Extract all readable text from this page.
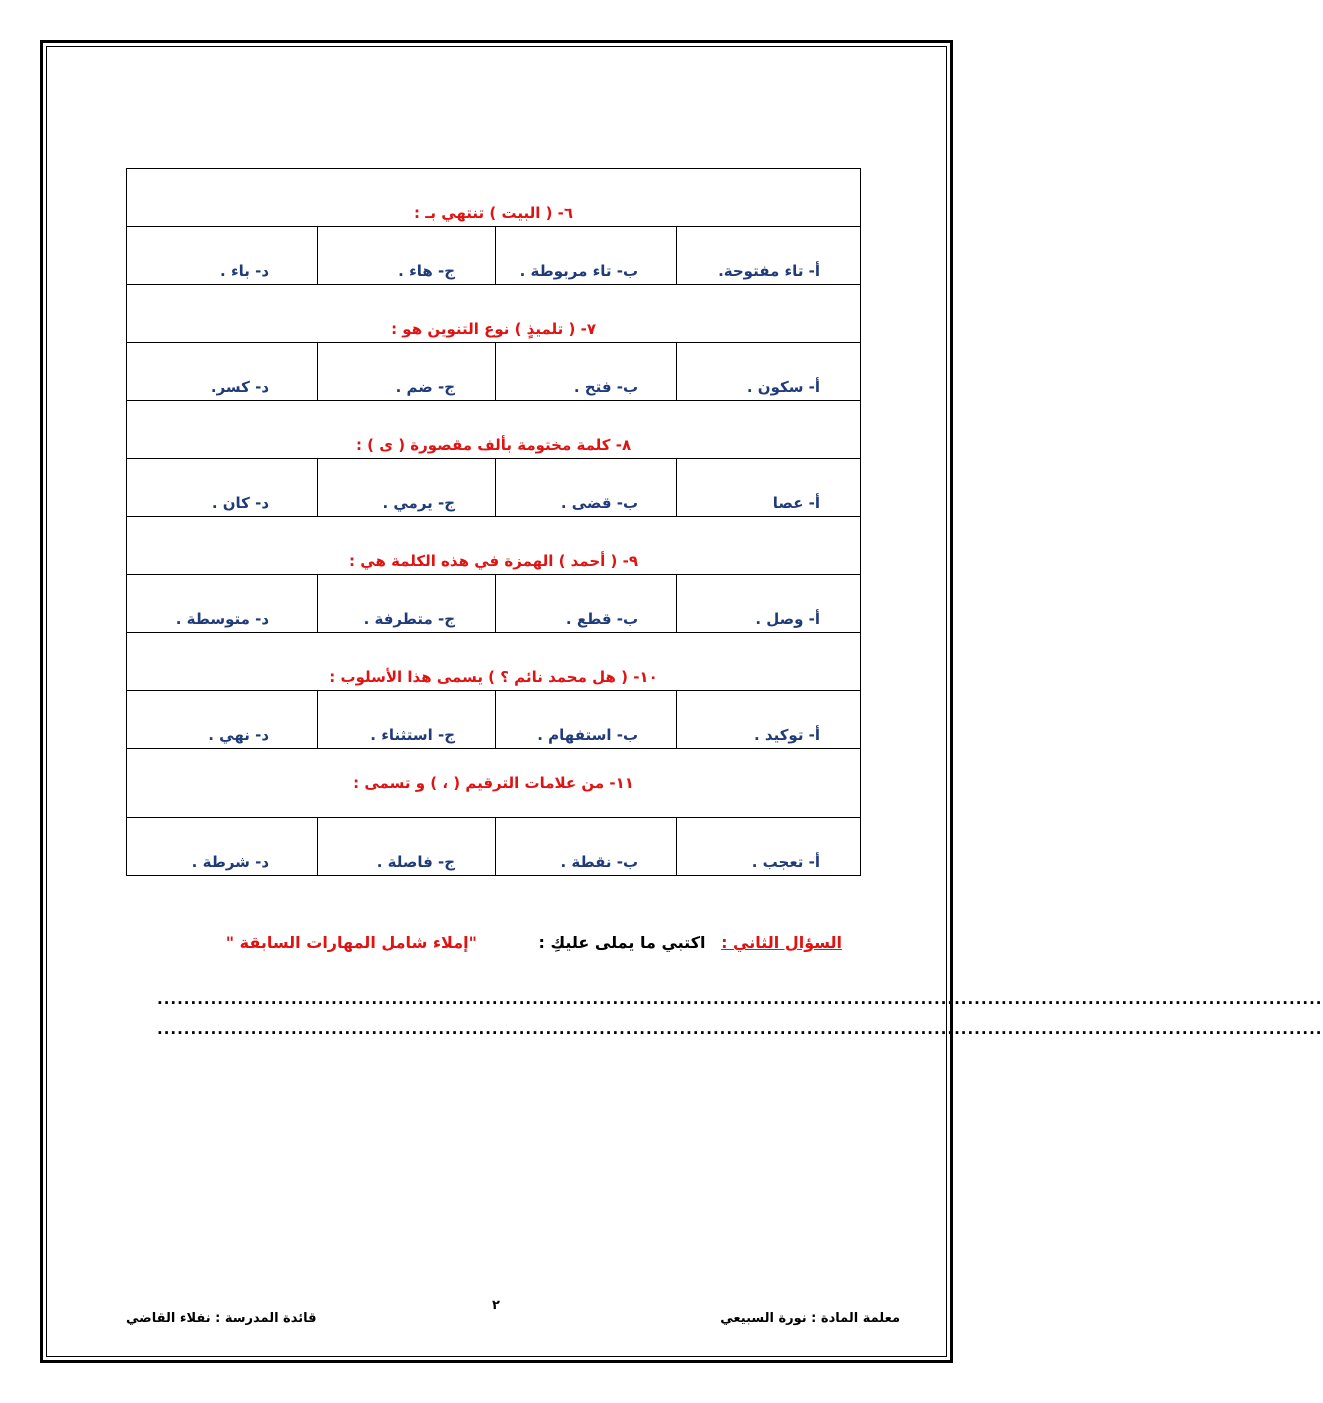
٦- ( البيت ) تنتهي بـ :			
أ- تاء مفتوحة.	ب- تاء مربوطة .	ج- هاء .	د- باء .
٧- ( تلميذٍ ) نوع التنوين هو :			
أ- سكون .	ب- فتح .	ج- ضم .	د- كسر.
٨- كلمة مختومة بألف مقصورة ( ى ) :			
أ- عصا	ب- قضى .	ج- يرمي .	د- كان .
٩- ( أحمد ) الهمزة في هذه الكلمة هي :			
أ- وصل .	ب- قطع .	ج- متطرفة .	د- متوسطة .
١٠- ( هل محمد نائم ؟ ) يسمى هذا الأسلوب :			
أ- توكيد .	ب- استفهام .	ج- استثناء .	د- نهي .
١١- من علامات الترقيم ( ، ) و تسمى :			
أ- تعجب .	ب- نقطة .	ج- فاصلة .	د- شرطة .
السؤال الثاني : اكتبي ما يملى عليكِ : "إملاء شامل المهارات السابقة "
..............................................................................................................................................................................
..............................................................................................................................................................................
معلمة المادة : نورة السبيعي
٢
قائدة المدرسة : نفلاء القاضي
